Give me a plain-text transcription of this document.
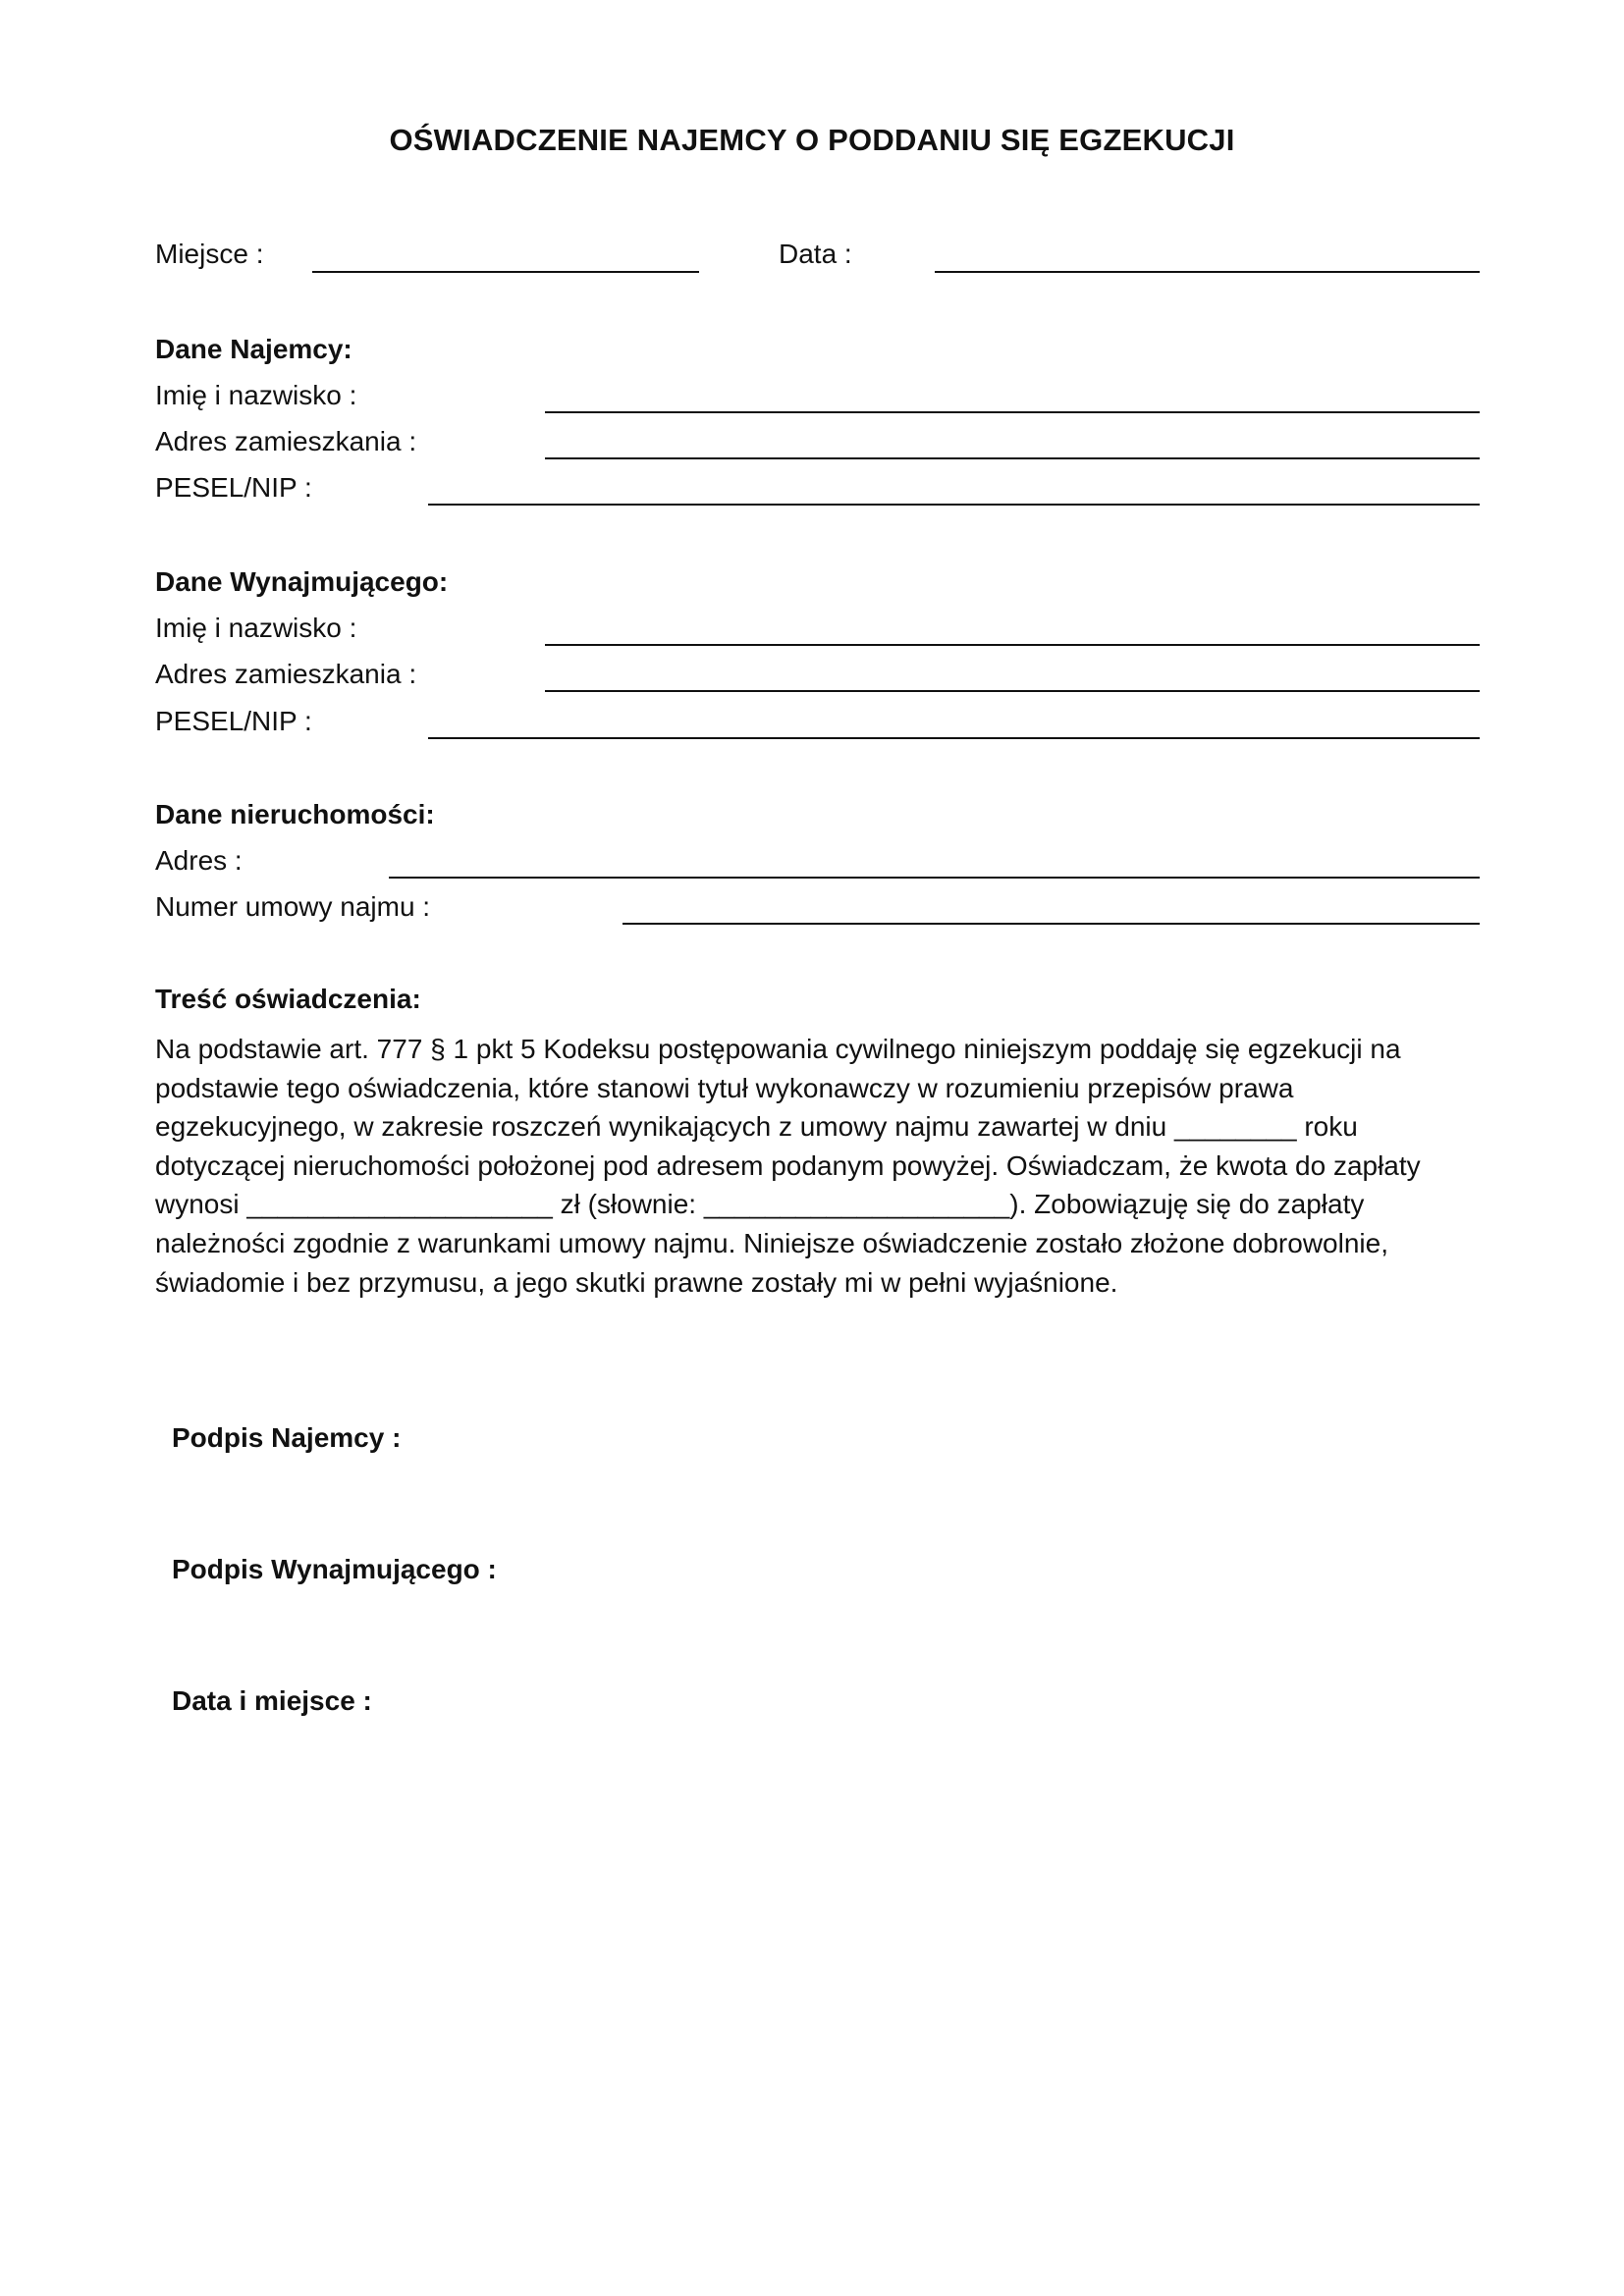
OŚWIADCZENIE NAJEMCY O PODDANIU SIĘ EGZEKUCJI
Miejsce :	Data :
Dane Najemcy:
Imię i nazwisko :
Adres zamieszkania :
PESEL/NIP :
Dane Wynajmującego:
Imię i nazwisko :
Adres zamieszkania :
PESEL/NIP :
Dane nieruchomości:
Adres :
Numer umowy najmu :
Treść oświadczenia:
Na podstawie art. 777 § 1 pkt 5 Kodeksu postępowania cywilnego niniejszym poddaję się egzekucji na
podstawie tego oświadczenia, które stanowi tytuł wykonawczy w rozumieniu przepisów prawa
egzekucyjnego, w zakresie roszczeń wynikających z umowy najmu zawartej w dniu ________ roku
dotyczącej nieruchomości położonej pod adresem podanym powyżej. Oświadczam, że kwota do zapłaty
wynosi ____________________ zł (słownie: ____________________). Zobowiązuję się do zapłaty
należności zgodnie z warunkami umowy najmu. Niniejsze oświadczenie zostało złożone dobrowolnie,
świadomie i bez przymusu, a jego skutki prawne zostały mi w pełni wyjaśnione.
Podpis Najemcy :
Podpis Wynajmującego :
Data i miejsce :
